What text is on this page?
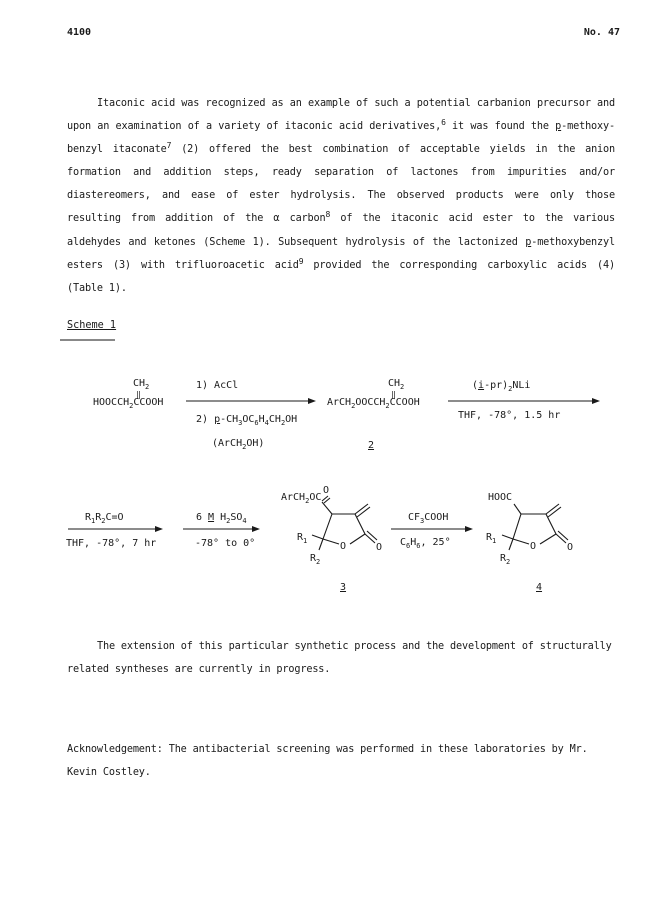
4100	No. 47

Itaconic acid was recognized as an example of such a potential carbanion precursor and upon an examination of a variety of itaconic acid derivatives,$^6$ it was found the p-methoxy-benzyl itaconate$^7$ (2) offered the best combination of acceptable yields in the anion formation and addition steps, ready separation of lactones from impurities and/or diastereomers, and ease of ester hydrolysis. The observed products were only those resulting from addition of the α carbon$^8$ of the itaconic acid ester to the various aldehydes and ketones (Scheme 1). Subsequent hydrolysis of the lactonized p-methoxybenzyl esters (3) with trifluoroacetic acid$^9$ provided the corresponding carboxylic acids (4) (Table 1).

Scheme 1
$CH_2$
‖
$HOOCCH_2CCOOH$
1) AcCl
2) $p-CH_3OC_6H_4CH_2OH$
(ArCH$_2$OH)
$CH_2$
‖
$ArCH_2OOCCH_2CCOOH$
2
$(i-pr)_2NLi$
THF, -78°, 1.5 hr
$R_1R_2C=O$
THF, -78°, 7 hr
6 M $H_2SO_4$
-78° to 0°
ArCH$_2$OC
O
$R_1$
$R_2$
O	O
3
$CF_3COOH$
$C_6H_6$, 25°
HOOC
$R_1$
$R_2$
O	O
4

The extension of this particular synthetic process and the development of structurally related syntheses are currently in progress.

Acknowledgement: The antibacterial screening was performed in these laboratories by Mr. Kevin Costley.
